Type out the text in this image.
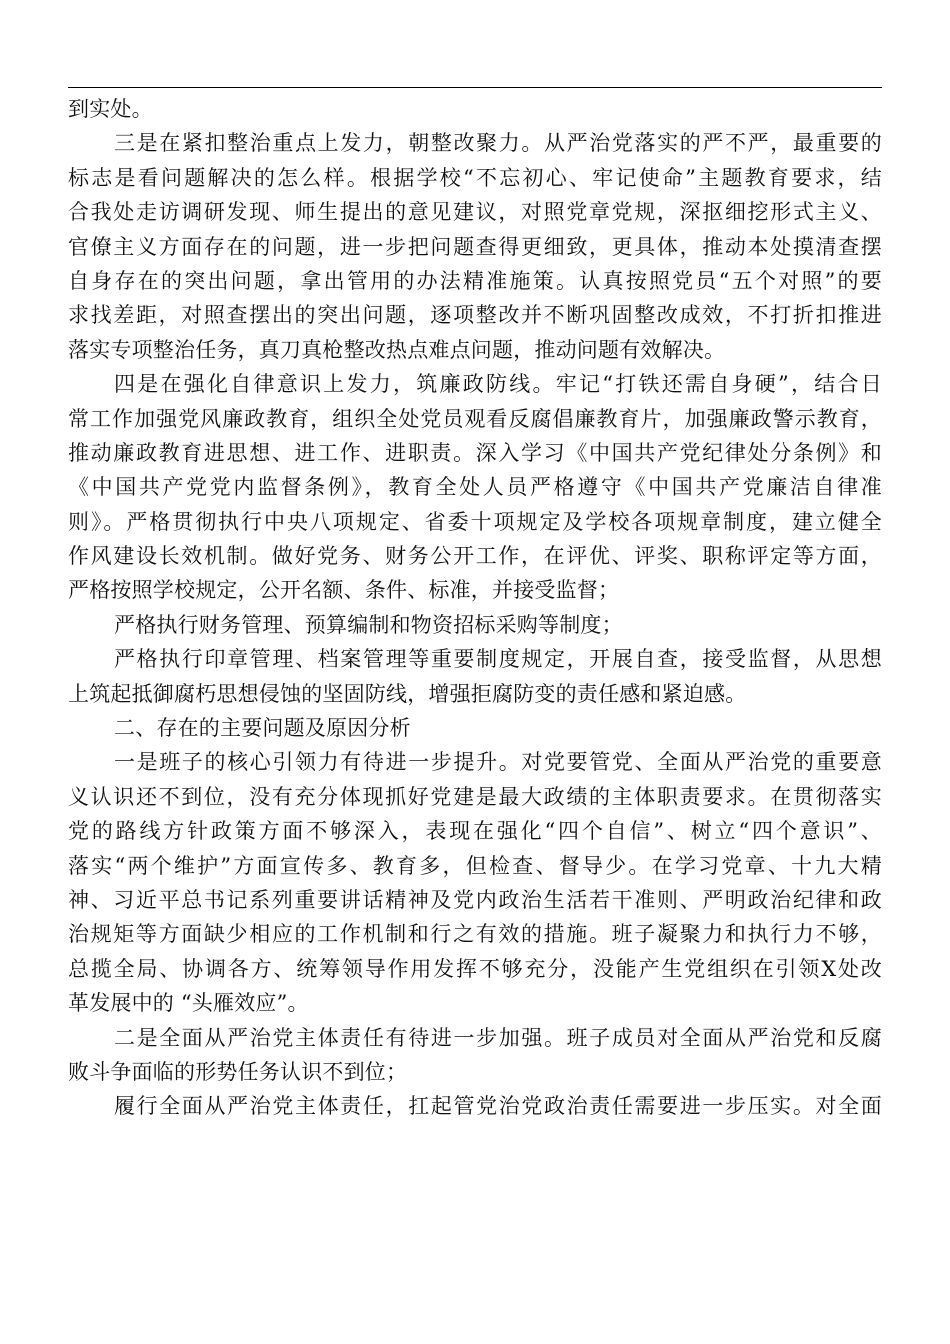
到实处。
三是在紧扣整治重点上发力，朝整改聚力。从严治党落实的严不严，最重要的
标志是看问题解决的怎么样。根据学校“不忘初心、牢记使命”主题教育要求，结
合我处走访调研发现、师生提出的意见建议，对照党章党规，深抠细挖形式主义、
官僚主义方面存在的问题，进一步把问题查得更细致，更具体，推动本处摸清查摆
自身存在的突出问题，拿出管用的办法精准施策。认真按照党员“五个对照”的要
求找差距，对照查摆出的突出问题，逐项整改并不断巩固整改成效，不打折扣推进
落实专项整治任务，真刀真枪整改热点难点问题，推动问题有效解决。
四是在强化自律意识上发力，筑廉政防线。牢记“打铁还需自身硬”，结合日
常工作加强党风廉政教育，组织全处党员观看反腐倡廉教育片，加强廉政警示教育，
推动廉政教育进思想、进工作、进职责。深入学习《中国共产党纪律处分条例》和
《中国共产党党内监督条例》，教育全处人员严格遵守《中国共产党廉洁自律准
则》。严格贯彻执行中央八项规定、省委十项规定及学校各项规章制度，建立健全
作风建设长效机制。做好党务、财务公开工作，在评优、评奖、职称评定等方面，
严格按照学校规定，公开名额、条件、标准，并接受监督；
严格执行财务管理、预算编制和物资招标采购等制度；
严格执行印章管理、档案管理等重要制度规定，开展自查，接受监督，从思想
上筑起抵御腐朽思想侵蚀的坚固防线，增强拒腐防变的责任感和紧迫感。
二、存在的主要问题及原因分析
一是班子的核心引领力有待进一步提升。对党要管党、全面从严治党的重要意
义认识还不到位，没有充分体现抓好党建是最大政绩的主体职责要求。在贯彻落实
党的路线方针政策方面不够深入，表现在强化“四个自信”、树立“四个意识”、
落实“两个维护”方面宣传多、教育多，但检查、督导少。在学习党章、十九大精
神、习近平总书记系列重要讲话精神及党内政治生活若干准则、严明政治纪律和政
治规矩等方面缺少相应的工作机制和行之有效的措施。班子凝聚力和执行力不够，
总揽全局、协调各方、统筹领导作用发挥不够充分，没能产生党组织在引领X处改
革发展中的 “头雁效应”。
二是全面从严治党主体责任有待进一步加强。班子成员对全面从严治党和反腐
败斗争面临的形势任务认识不到位；
履行全面从严治党主体责任，扛起管党治党政治责任需要进一步压实。对全面
